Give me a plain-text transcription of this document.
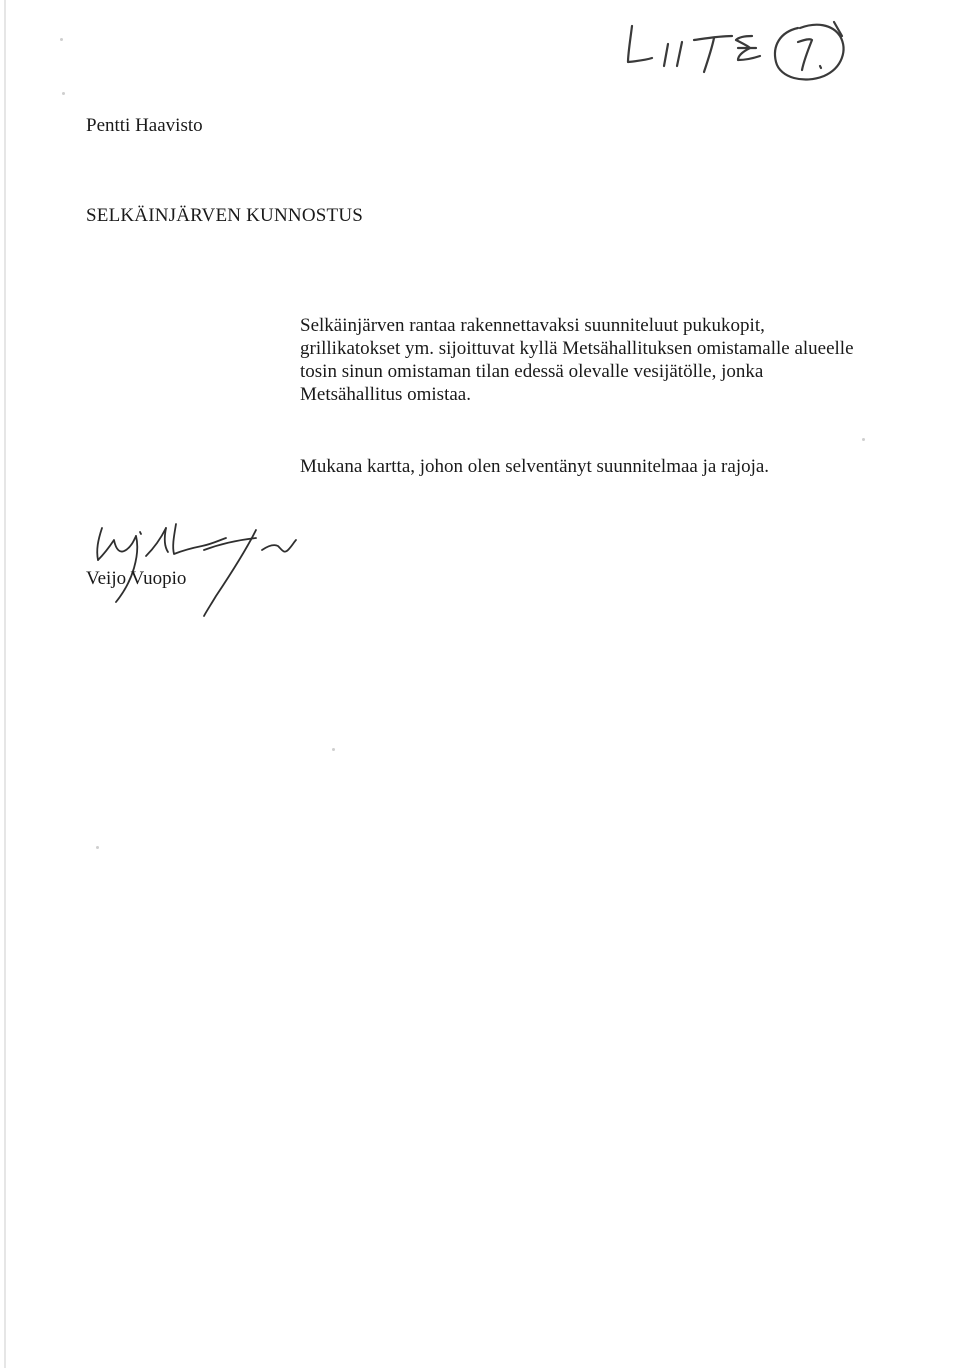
Pentti Haavisto
SELKÄINJÄRVEN KUNNOSTUS
Selkäinjärven rantaa rakennettavaksi suunniteluut pukukopit,
grillikatokset ym. sijoittuvat kyllä Metsähallituksen omistamalle alueelle
tosin sinun omistaman tilan edessä olevalle vesijätölle, jonka
Metsähallitus omistaa.
Mukana kartta, johon olen selventänyt suunnitelmaa ja rajoja.
Veijo Vuopio
